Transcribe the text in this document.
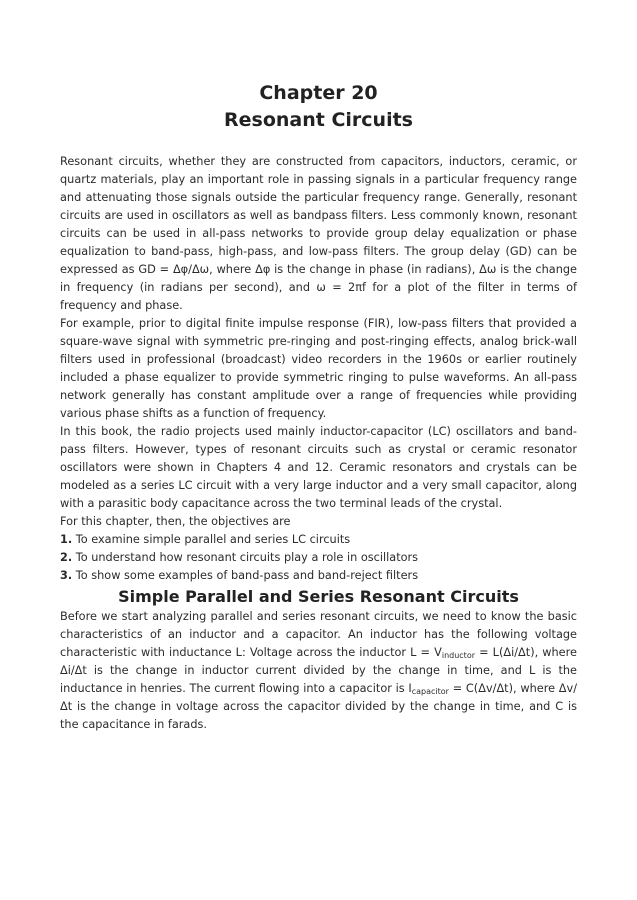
Chapter 20
Resonant Circuits

Resonant circuits, whether they are constructed from capacitors, inductors, ceramic, or quartz materials, play an important role in passing signals in a particular frequency range and attenuating those signals outside the particular frequency range. Generally, resonant circuits are used in oscillators as well as bandpass filters. Less commonly known, resonant circuits can be used in all-pass networks to provide group delay equalization or phase equalization to band-pass, high-pass, and low-pass filters. The group delay (GD) can be expressed as GD = Δφ/Δω, where Δφ is the change in phase (in radians), Δω is the change in frequency (in radians per second), and ω = 2πf for a plot of the filter in terms of frequency and phase.

For example, prior to digital finite impulse response (FIR), low-pass filters that provided a square-wave signal with symmetric pre-ringing and post-ringing effects, analog brick-wall filters used in professional (broadcast) video recorders in the 1960s or earlier routinely included a phase equalizer to provide symmetric ringing to pulse waveforms. An all-pass network generally has constant amplitude over a range of frequencies while providing various phase shifts as a function of frequency.

In this book, the radio projects used mainly inductor-capacitor (LC) oscillators and band-pass filters. However, types of resonant circuits such as crystal or ceramic resonator oscillators were shown in Chapters 4 and 12. Ceramic resonators and crystals can be modeled as a series LC circuit with a very large inductor and a very small capacitor, along with a parasitic body capacitance across the two terminal leads of the crystal.

For this chapter, then, the objectives are

1. To examine simple parallel and series LC circuits
2. To understand how resonant circuits play a role in oscillators
3. To show some examples of band-pass and band-reject filters
Simple Parallel and Series Resonant Circuits

Before we start analyzing parallel and series resonant circuits, we need to know the basic characteristics of an inductor and a capacitor. An inductor has the following voltage characteristic with inductance L: Voltage across the inductor $L = V_{inductor} = L(\Delta i/\Delta t)$, where Δi/Δt is the change in inductor current divided by the change in time, and L is the inductance in henries. The current flowing into a capacitor is $I_{capacitor} = C(\Delta v/\Delta t)$, where Δv/Δt is the change in voltage across the capacitor divided by the change in time, and C is the capacitance in farads.
